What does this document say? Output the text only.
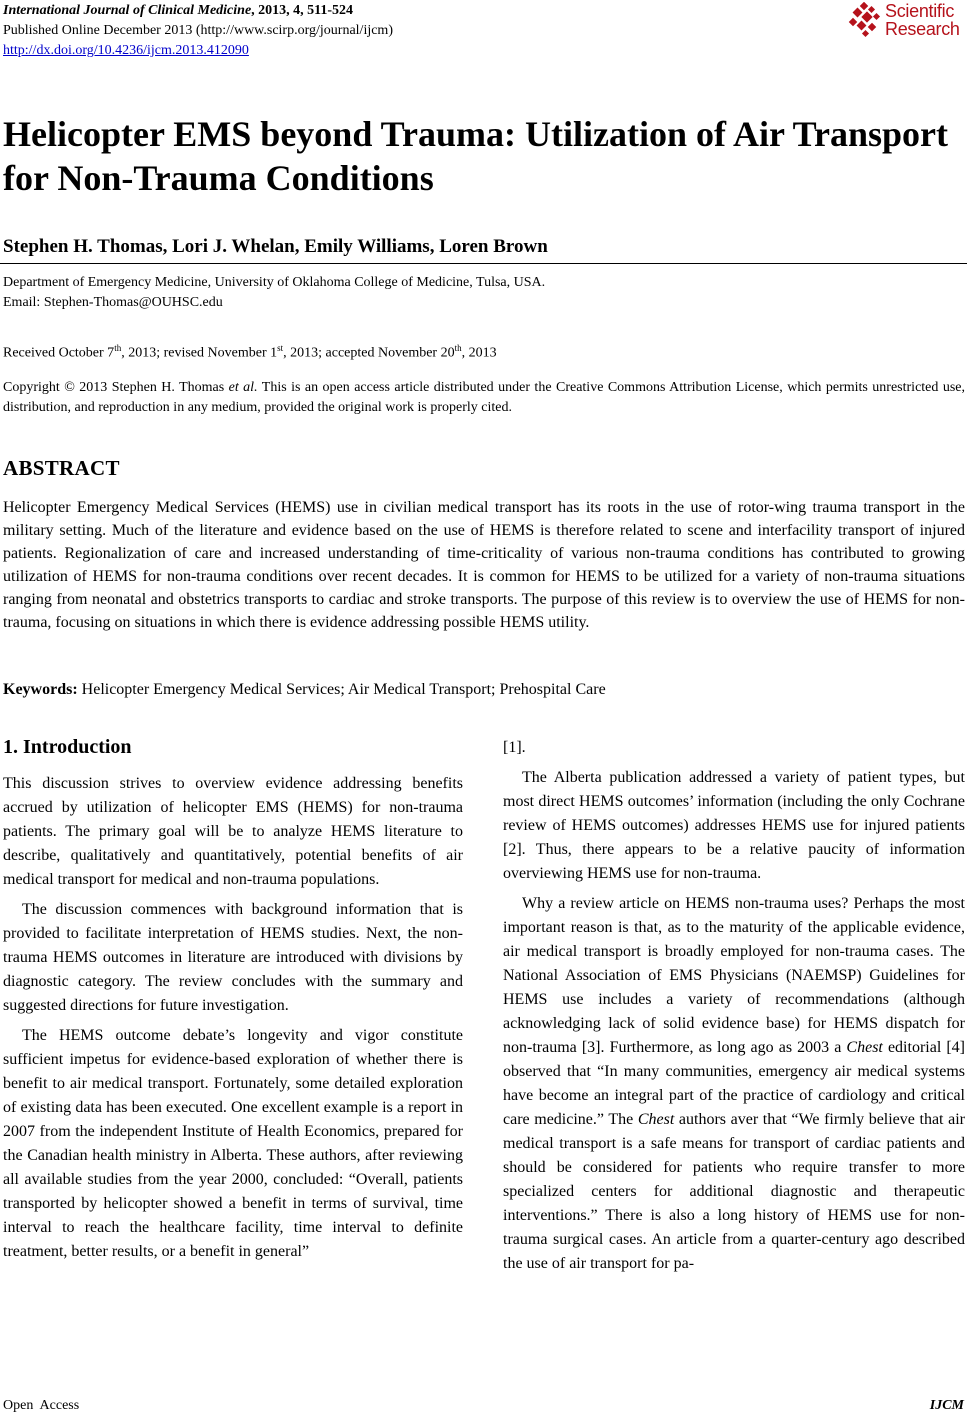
International Journal of Clinical Medicine, 2013, 4, 511-524
Published Online December 2013 (http://www.scirp.org/journal/ijcm)
http://dx.doi.org/10.4236/ijcm.2013.412090
Scientific
Research
Helicopter EMS beyond Trauma: Utilization of Air Transport for Non-Trauma Conditions
Stephen H. Thomas, Lori J. Whelan, Emily Williams, Loren Brown
Department of Emergency Medicine, University of Oklahoma College of Medicine, Tulsa, USA.
Email: Stephen-Thomas@OUHSC.edu
Received October 7th, 2013; revised November 1st, 2013; accepted November 20th, 2013
Copyright © 2013 Stephen H. Thomas et al. This is an open access article distributed under the Creative Commons Attribution License, which permits unrestricted use, distribution, and reproduction in any medium, provided the original work is properly cited.
ABSTRACT
Helicopter Emergency Medical Services (HEMS) use in civilian medical transport has its roots in the use of rotor-wing trauma transport in the military setting. Much of the literature and evidence based on the use of HEMS is therefore related to scene and interfacility transport of injured patients. Regionalization of care and increased understanding of time-criticality of various non-trauma conditions has contributed to growing utilization of HEMS for non-trauma conditions over recent decades. It is common for HEMS to be utilized for a variety of non-trauma situations ranging from neonatal and obstetrics transports to cardiac and stroke transports. The purpose of this review is to overview the use of HEMS for non-trauma, focusing on situations in which there is evidence addressing possible HEMS utility.
Keywords: Helicopter Emergency Medical Services; Air Medical Transport; Prehospital Care
1. Introduction

This discussion strives to overview evidence addressing benefits accrued by utilization of helicopter EMS (HEMS) for non-trauma patients. The primary goal will be to analyze HEMS literature to describe, qualitatively and quantitatively, potential benefits of air medical transport for medical and non-trauma populations.

The discussion commences with background information that is provided to facilitate interpretation of HEMS studies. Next, the non-trauma HEMS outcomes in literature are introduced with divisions by diagnostic category. The review concludes with the summary and suggested directions for future investigation.

The HEMS outcome debate’s longevity and vigor constitute sufficient impetus for evidence-based exploration of whether there is benefit to air medical transport. Fortunately, some detailed exploration of existing data has been executed. One excellent example is a report in 2007 from the independent Institute of Health Economics, prepared for the Canadian health ministry in Alberta. These authors, after reviewing all available studies from the year 2000, concluded: “Overall, patients transported by helicopter showed a benefit in terms of survival, time interval to reach the healthcare facility, time interval to definite treatment, better results, or a benefit in general”

[1].

The Alberta publication addressed a variety of patient types, but most direct HEMS outcomes’ information (including the only Cochrane review of HEMS outcomes) addresses HEMS use for injured patients [2]. Thus, there appears to be a relative paucity of information overviewing HEMS use for non-trauma.

Why a review article on HEMS non-trauma uses? Perhaps the most important reason is that, as to the maturity of the applicable evidence, air medical transport is broadly employed for non-trauma cases. The National Association of EMS Physicians (NAEMSP) Guidelines for HEMS use includes a variety of recommendations (although acknowledging lack of solid evidence base) for HEMS dispatch for non-trauma [3]. Furthermore, as long ago as 2003 a Chest editorial [4] observed that “In many communities, emergency air medical systems have become an integral part of the practice of cardiology and critical care medicine.” The Chest authors aver that “We firmly believe that air medical transport is a safe means for transport of cardiac patients and should be considered for patients who require transfer to more specialized centers for additional diagnostic and therapeutic interventions.” There is also a long history of HEMS use for non-trauma surgical cases. An article from a quarter-century ago described the use of air transport for pa-

Open  Access	IJCM
